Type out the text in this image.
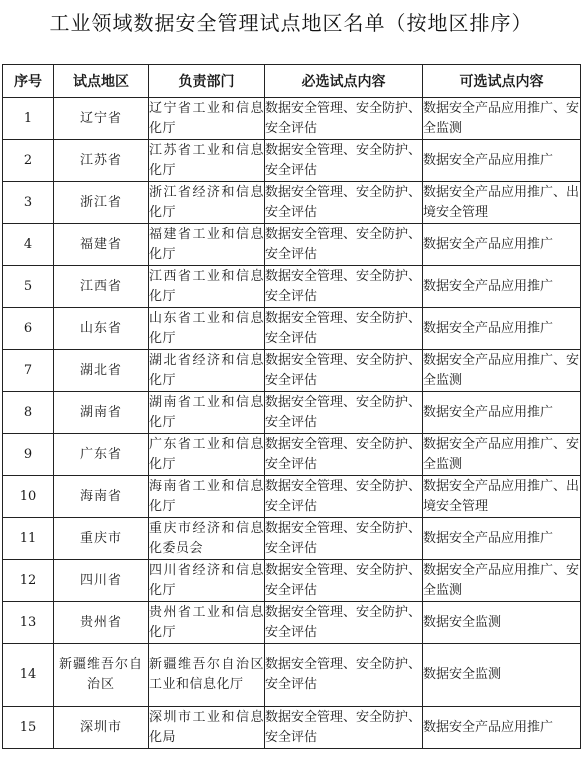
工业领域数据安全管理试点地区名单（按地区排序）
序号	试点地区	负责部门	必选试点内容	可选试点内容
1	辽宁省	辽宁省工业和信息化厅	数据安全管理、安全防护、安全评估	数据安全产品应用推广、安全监测
2	江苏省	江苏省工业和信息化厅	数据安全管理、安全防护、安全评估	数据安全产品应用推广
3	浙江省	浙江省经济和信息化厅	数据安全管理、安全防护、安全评估	数据安全产品应用推广、出境安全管理
4	福建省	福建省工业和信息化厅	数据安全管理、安全防护、安全评估	数据安全产品应用推广
5	江西省	江西省工业和信息化厅	数据安全管理、安全防护、安全评估	数据安全产品应用推广
6	山东省	山东省工业和信息化厅	数据安全管理、安全防护、安全评估	数据安全产品应用推广
7	湖北省	湖北省经济和信息化厅	数据安全管理、安全防护、安全评估	数据安全产品应用推广、安全监测
8	湖南省	湖南省工业和信息化厅	数据安全管理、安全防护、安全评估	数据安全产品应用推广
9	广东省	广东省工业和信息化厅	数据安全管理、安全防护、安全评估	数据安全产品应用推广、安全监测
10	海南省	海南省工业和信息化厅	数据安全管理、安全防护、安全评估	数据安全产品应用推广、出境安全管理
11	重庆市	重庆市经济和信息化委员会	数据安全管理、安全防护、安全评估	数据安全产品应用推广
12	四川省	四川省经济和信息化厅	数据安全管理、安全防护、安全评估	数据安全产品应用推广、安全监测
13	贵州省	贵州省工业和信息化厅	数据安全管理、安全防护、安全评估	数据安全监测
14	新疆维吾尔自治区	新疆维吾尔自治区工业和信息化厅	数据安全管理、安全防护、安全评估	数据安全监测
15	深圳市	深圳市工业和信息化局	数据安全管理、安全防护、安全评估	数据安全产品应用推广
